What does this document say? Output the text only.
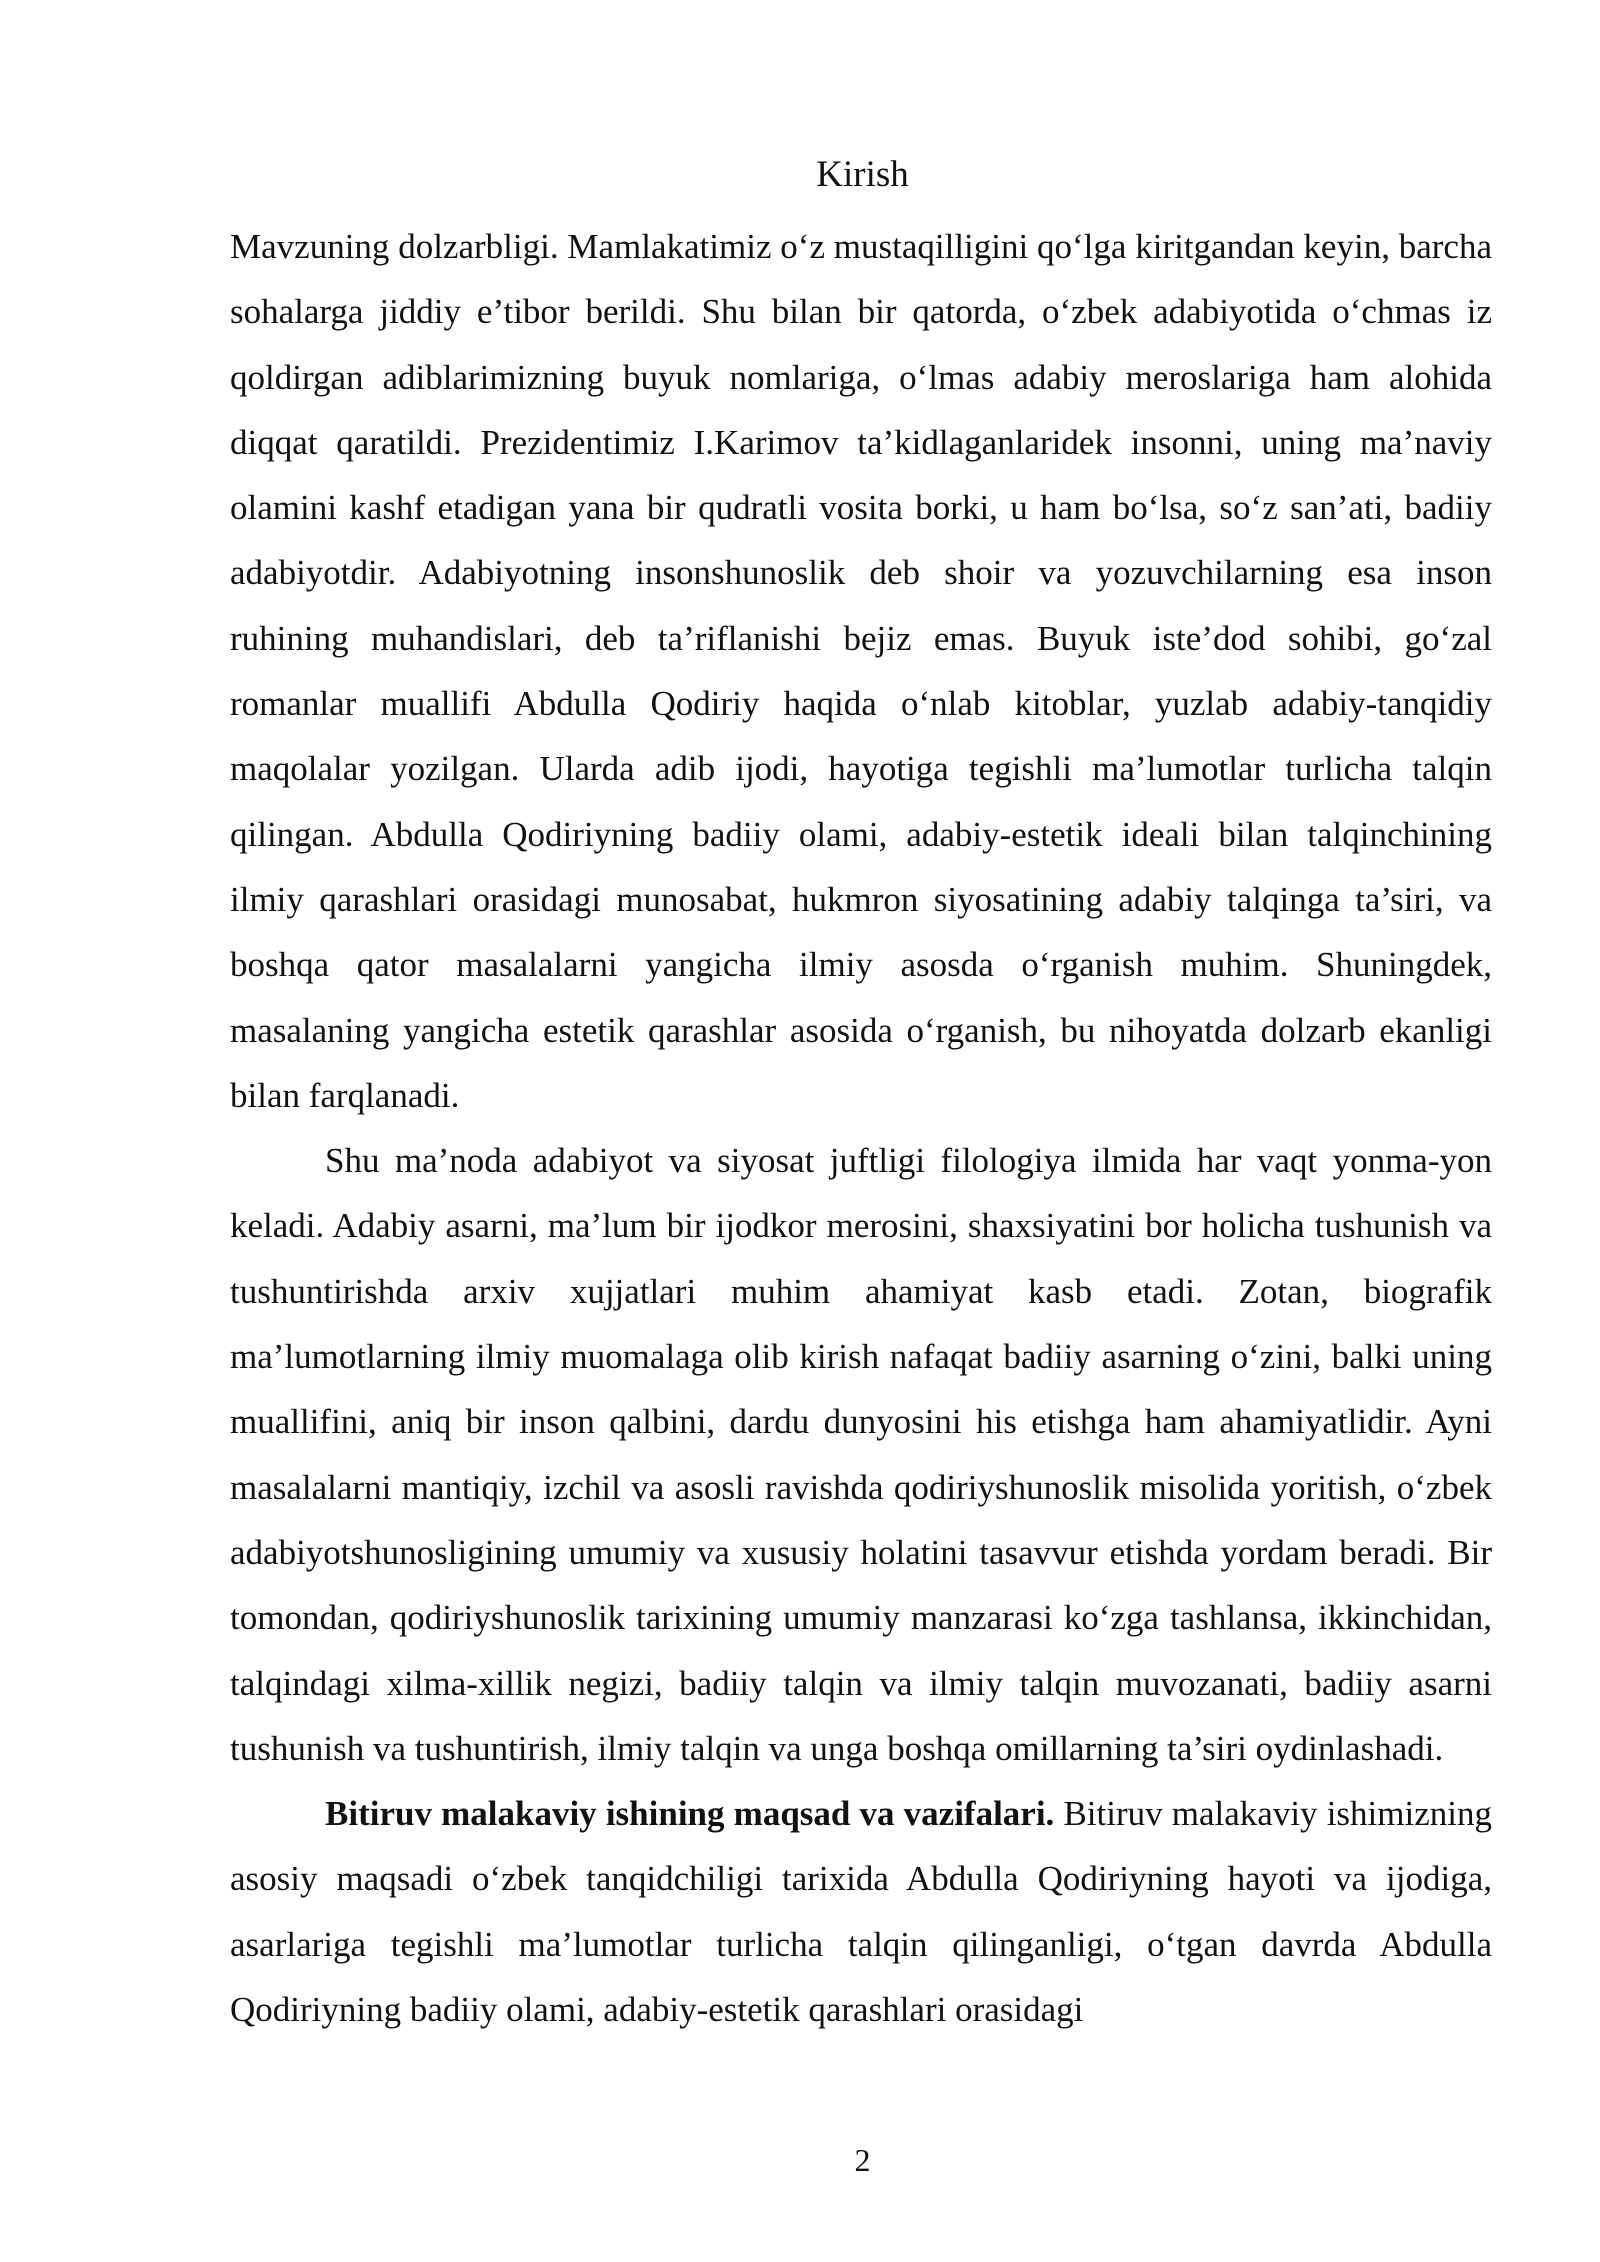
Kirish

Mavzuning dolzarbligi. Mamlakatimiz o‘z mustaqilligini qo‘lga kiritgandan keyin, barcha sohalarga jiddiy e’tibor berildi. Shu bilan bir qatorda, o‘zbek adabiyotida o‘chmas iz qoldirgan adiblarimizning buyuk nomlariga, o‘lmas adabiy meroslariga ham alohida diqqat qaratildi. Prezidentimiz I.Karimov ta’kidlaganlaridek insonni, uning ma’naviy olamini kashf etadigan yana bir qudratli vosita borki, u ham bo‘lsa, so‘z san’ati, badiiy adabiyotdir. Adabiyotning insonshunoslik deb shoir va yozuvchilarning esa inson ruhining muhandislari, deb ta’riflanishi bejiz emas. Buyuk iste’dod sohibi, go‘zal romanlar muallifi Abdulla Qodiriy haqida o‘nlab kitoblar, yuzlab adabiy-tanqidiy maqolalar yozilgan. Ularda adib ijodi, hayotiga tegishli ma’lumotlar turlicha talqin qilingan. Abdulla Qodiriyning badiiy olami, adabiy-estetik ideali bilan talqinchining ilmiy qarashlari orasidagi munosabat, hukmron siyosatining adabiy talqinga ta’siri, va boshqa qator masalalarni yangicha ilmiy asosda o‘rganish muhim. Shuningdek, masalaning yangicha estetik qarashlar asosida o‘rganish, bu nihoyatda dolzarb ekanligi bilan farqlanadi.

Shu ma’noda adabiyot va siyosat juftligi filologiya ilmida har vaqt yonma-yon keladi. Adabiy asarni, ma’lum bir ijodkor merosini, shaxsiyatini bor holicha tushunish va tushuntirishda arxiv xujjatlari muhim ahamiyat kasb etadi. Zotan, biografik ma’lumotlarning ilmiy muomalaga olib kirish nafaqat badiiy asarning o‘zini, balki uning muallifini, aniq bir inson qalbini, dardu dunyosini his etishga ham ahamiyatlidir. Ayni masalalarni mantiqiy, izchil va asosli ravishda qodiriyshunoslik misolida yoritish, o‘zbek adabiyotshunosligining umumiy va xususiy holatini tasavvur etishda yordam beradi. Bir tomondan, qodiriyshunoslik tarixining umumiy manzarasi ko‘zga tashlansa, ikkinchidan, talqindagi xilma-xillik negizi, badiiy talqin va ilmiy talqin muvozanati, badiiy asarni tushunish va tushuntirish, ilmiy talqin va unga boshqa omillarning ta’siri oydinlashadi.

Bitiruv malakaviy ishining maqsad va vazifalari. Bitiruv malakaviy ishimizning asosiy maqsadi o‘zbek tanqidchiligi tarixida Abdulla Qodiriyning hayoti va ijodiga, asarlariga tegishli ma’lumotlar turlicha talqin qilinganligi, o‘tgan davrda Abdulla Qodiriyning badiiy olami, adabiy-estetik qarashlari orasidagi

2
